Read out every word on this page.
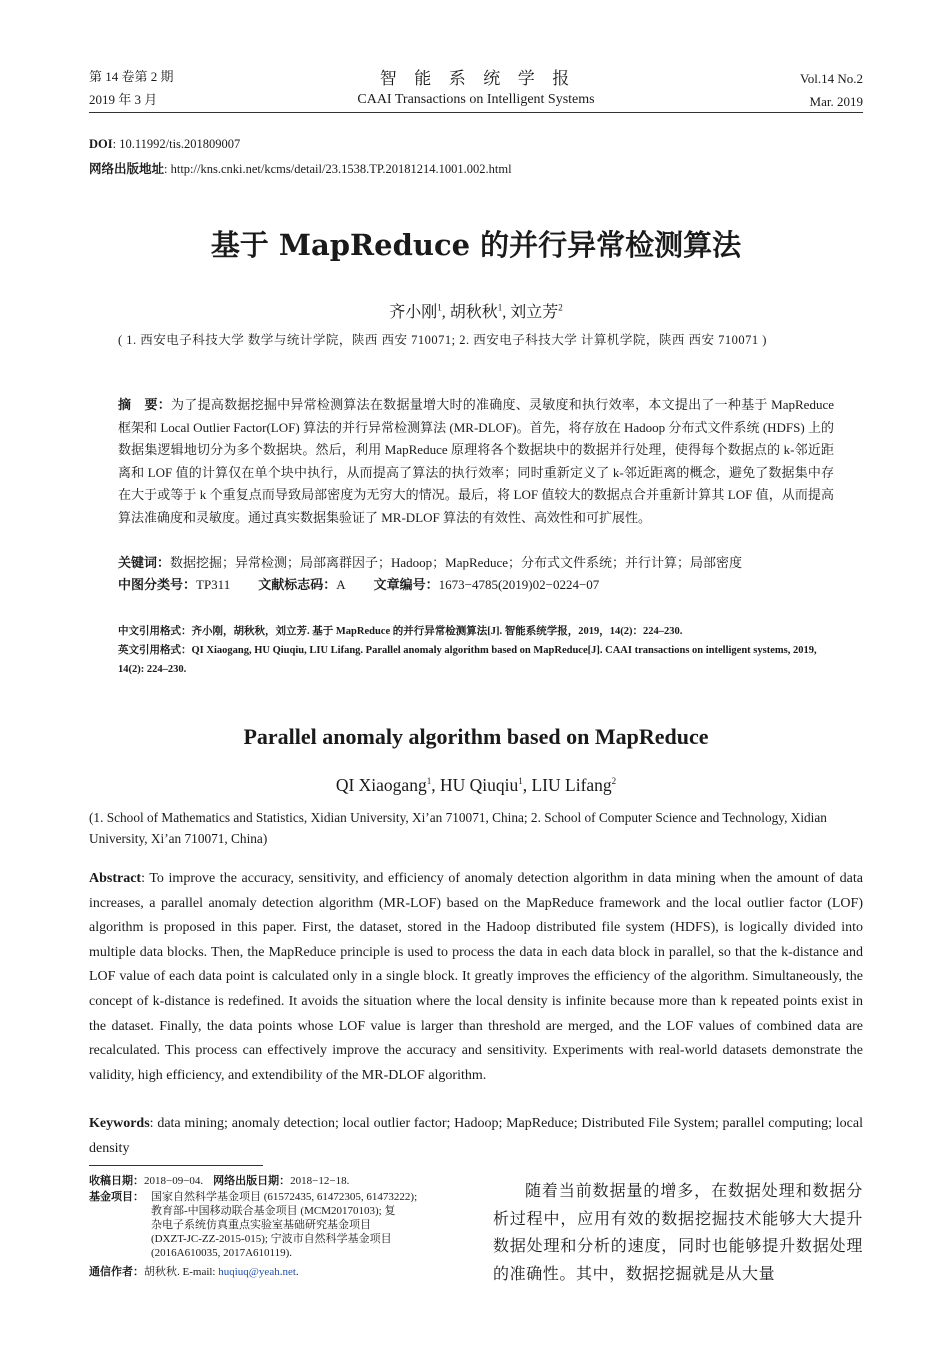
第 14 卷第 2 期
2019 年 3 月
智  能  系  统  学  报
CAAI Transactions on Intelligent Systems
Vol.14 No.2
Mar. 2019
DOI: 10.11992/tis.201809007
网络出版地址: http://kns.cnki.net/kcms/detail/23.1538.TP.20181214.1001.002.html
基于 MapReduce 的并行异常检测算法
齐小刚$^1$, 胡秋秋$^1$, 刘立芳$^2$
( 1. 西安电子科技大学 数学与统计学院，陕西 西安 710071; 2. 西安电子科技大学 计算机学院，陕西 西安 710071 )
摘　要：为了提高数据挖掘中异常检测算法在数据量增大时的准确度、灵敏度和执行效率，本文提出了一种基于 MapReduce 框架和 Local Outlier Factor(LOF) 算法的并行异常检测算法 (MR-DLOF)。首先，将存放在 Hadoop 分布式文件系统 (HDFS) 上的数据集逻辑地切分为多个数据块。然后，利用 MapReduce 原理将各个数据块中的数据并行处理，使得每个数据点的 k-邻近距离和 LOF 值的计算仅在单个块中执行，从而提高了算法的执行效率；同时重新定义了 k-邻近距离的概念，避免了数据集中存在大于或等于 k 个重复点而导致局部密度为无穷大的情况。最后，将 LOF 值较大的数据点合并重新计算其 LOF 值，从而提高算法准确度和灵敏度。通过真实数据集验证了 MR-DLOF 算法的有效性、高效性和可扩展性。
关键词：数据挖掘；异常检测；局部离群因子；Hadoop；MapReduce；分布式文件系统；并行计算；局部密度
中图分类号：TP311 文献标志码：A 文章编号：1673−4785(2019)02−0224−07
中文引用格式：齐小刚，胡秋秋，刘立芳. 基于 MapReduce 的并行异常检测算法[J]. 智能系统学报，2019，14(2)：224–230.
英文引用格式：QI Xiaogang, HU Qiuqiu, LIU Lifang. Parallel anomaly algorithm based on MapReduce[J]. CAAI transactions on intelligent systems, 2019, 14(2): 224–230.
Parallel anomaly algorithm based on MapReduce
QI Xiaogang$^1$, HU Qiuqiu$^1$, LIU Lifang$^2$
(1. School of Mathematics and Statistics, Xidian University, Xi’an 710071, China; 2. School of Computer Science and Technology, Xidian University, Xi’an 710071, China)
Abstract: To improve the accuracy, sensitivity, and efficiency of anomaly detection algorithm in data mining when the amount of data increases, a parallel anomaly detection algorithm (MR-LOF) based on the MapReduce framework and the local outlier factor (LOF) algorithm is proposed in this paper. First, the dataset, stored in the Hadoop distributed file system (HDFS), is logically divided into multiple data blocks. Then, the MapReduce principle is used to process the data in each data block in parallel, so that the k-distance and LOF value of each data point is calculated only in a single block. It greatly improves the efficiency of the algorithm. Simultaneously, the concept of k-distance is redefined. It avoids the situation where the local density is infinite because more than k repeated points exist in the dataset. Finally, the data points whose LOF value is larger than threshold are merged, and the LOF values of combined data are recalculated. This process can effectively improve the accuracy and sensitivity. Experiments with real-world datasets demonstrate the validity, high efficiency, and extendibility of the MR-DLOF algorithm.
Keywords: data mining; anomaly detection; local outlier factor; Hadoop; MapReduce; Distributed File System; parallel computing; local density
收稿日期：2018−09−04. 网络出版日期：2018−12−18.
基金项目： 国家自然科学基金项目 (61572435, 61472305, 61473222);
教育部-中国移动联合基金项目 (MCM20170103); 复
杂电子系统仿真重点实验室基础研究基金项目
(DXZT-JC-ZZ-2015-015); 宁波市自然科学基金项目
(2016A610035, 2017A610119).
通信作者：胡秋秋. E-mail: huqiuq@yeah.net.
随着当前数据量的增多，在数据处理和数据分析过程中，应用有效的数据挖掘技术能够大大提升数据处理和分析的速度，同时也能够提升数据处理的准确性。其中，数据挖掘就是从大量
